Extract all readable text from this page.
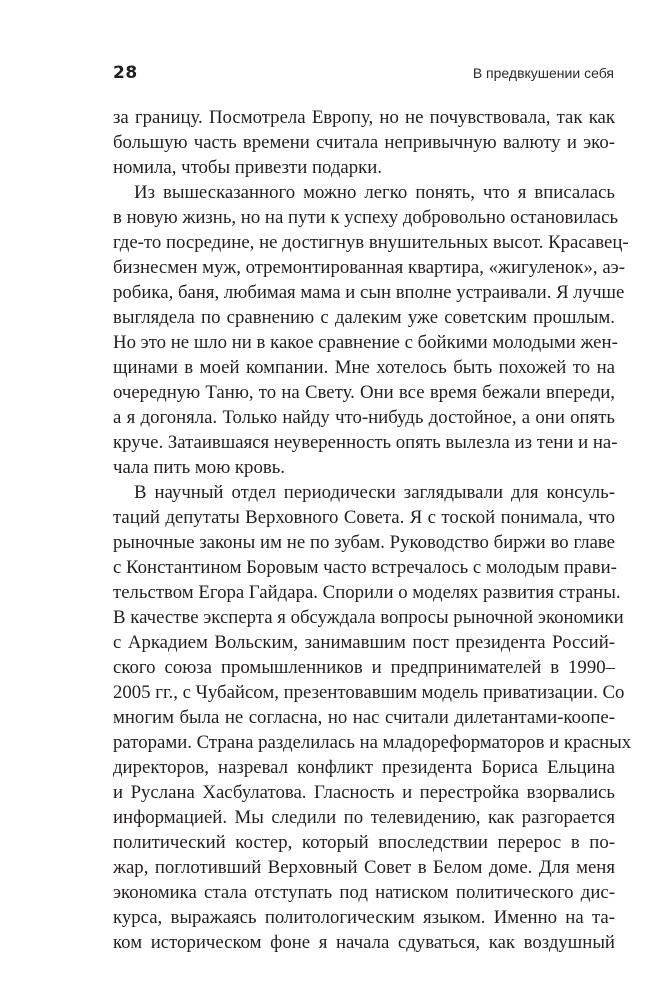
28	В предвкушении себя
за границу. Посмотрела Европу, но не почувствовала, так как
большую часть времени считала непривычную валюту и эко-
номила, чтобы привезти подарки.
Из вышесказанного можно легко понять, что я вписалась
в новую жизнь, но на пути к успеху добровольно остановилась
где-то посредине, не достигнув внушительных высот. Красавец-
бизнесмен муж, отремонтированная квартира, «жигуленок», аэ-
робика, баня, любимая мама и сын вполне устраивали. Я лучше
выглядела по сравнению с далеким уже советским прошлым.
Но это не шло ни в какое сравнение с бойкими молодыми жен-
щинами в моей компании. Мне хотелось быть похожей то на
очередную Таню, то на Свету. Они все время бежали впереди,
а я догоняла. Только найду что-нибудь достойное, а они опять
круче. Затаившаяся неуверенность опять вылезла из тени и на-
чала пить мою кровь.
В научный отдел периодически заглядывали для консуль-
таций депутаты Верховного Совета. Я с тоской понимала, что
рыночные законы им не по зубам. Руководство биржи во главе
с Константином Боровым часто встречалось с молодым прави-
тельством Егора Гайдара. Спорили о моделях развития страны.
В качестве эксперта я обсуждала вопросы рыночной экономики
с Аркадием Вольским, занимавшим пост президента Россий-
ского союза промышленников и предпринимателей в 1990–
2005 гг., с Чубайсом, презентовавшим модель приватизации. Со
многим была не согласна, но нас считали дилетантами-коопе-
раторами. Страна разделилась на младореформаторов и красных
директоров, назревал конфликт президента Бориса Ельцина
и Руслана Хасбулатова. Гласность и перестройка взорвались
информацией. Мы следили по телевидению, как разгорается
политический костер, который впоследствии перерос в по-
жар, поглотивший Верховный Совет в Белом доме. Для меня
экономика стала отступать под натиском политического дис-
курса, выражаясь политологическим языком. Именно на та-
ком историческом фоне я начала сдуваться, как воздушный
